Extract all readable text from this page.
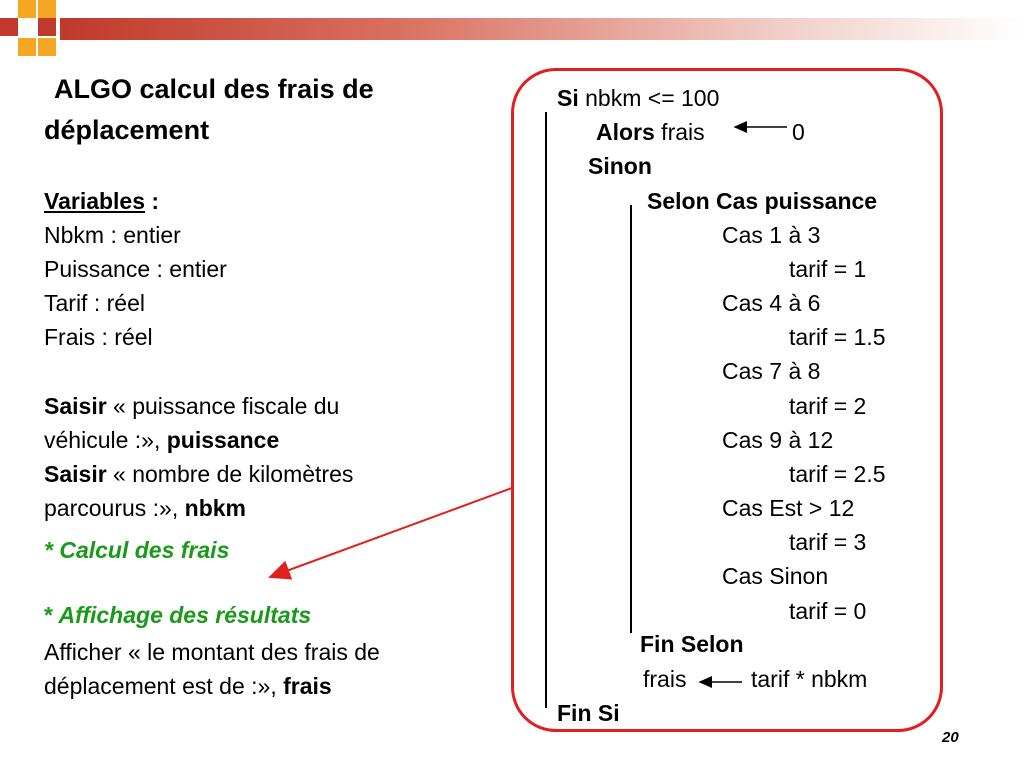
ALGO calcul des frais de
déplacement
Variables :
Nbkm : entier
Puissance : entier
Tarif : réel
Frais : réel
Saisir « puissance fiscale du
véhicule :», puissance
Saisir « nombre de kilomètres
parcourus :», nbkm
* Calcul des frais
* Affichage des résultats
Afficher « le montant des frais de
déplacement est de :», frais
Si nbkm <= 100
Alors frais	0
Sinon
Selon Cas puissance
Cas 1 à 3
tarif = 1
Cas 4 à 6
tarif = 1.5
Cas 7 à 8
tarif = 2
Cas 9 à 12
tarif = 2.5
Cas Est > 12
tarif = 3
Cas Sinon
tarif = 0
Fin Selon
frais	tarif * nbkm
Fin Si
20
